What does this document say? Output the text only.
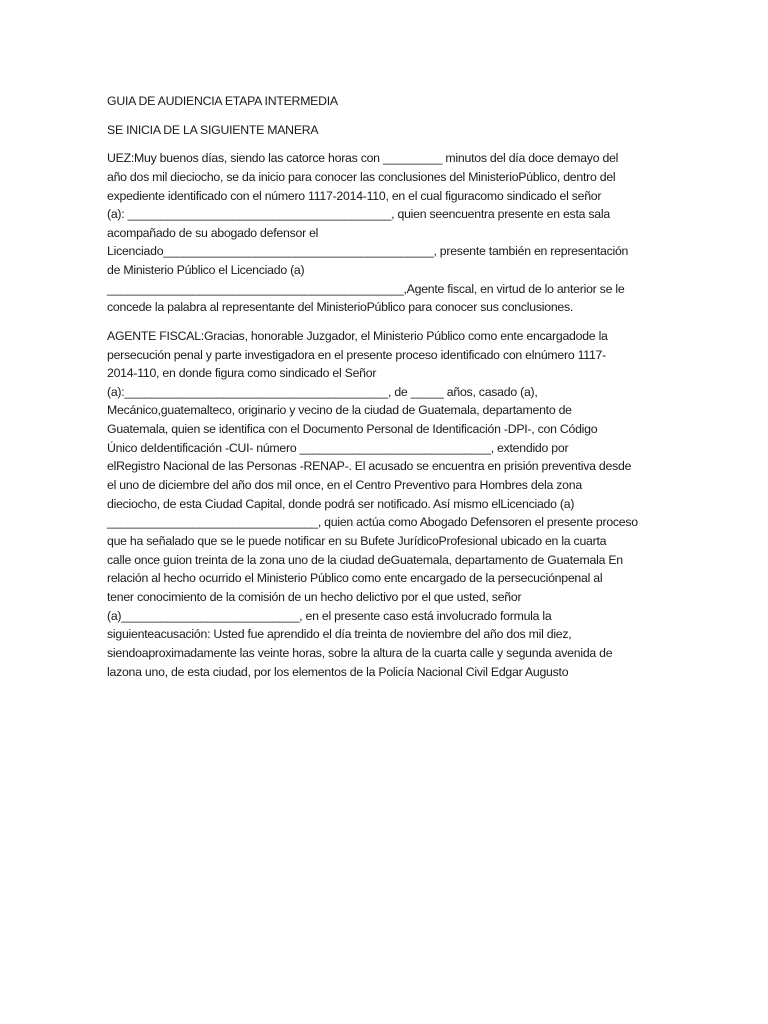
GUIA DE AUDIENCIA ETAPA INTERMEDIA

SE INICIA DE LA SIGUIENTE MANERA

UEZ:Muy buenos días, siendo las catorce horas con _________ minutos del día doce demayo del

año dos mil dieciocho, se da inicio para conocer las conclusiones del MinisterioPúblico, dentro del

expediente identificado con el número 1117-2014-110, en el cual figuracomo sindicado el señor

(a): ________________________________________, quien seencuentra presente en esta sala

acompañado de su abogado defensor el

Licenciado_________________________________________, presente también en representación

de Ministerio Público el Licenciado (a)

_____________________________________________,Agente fiscal, en virtud de lo anterior se le

concede la palabra al representante del MinisterioPúblico para conocer sus conclusiones.

AGENTE FISCAL:Gracias, honorable Juzgador, el Ministerio Público como ente encargadode la

persecución penal y parte investigadora en el presente proceso identificado con elnúmero 1117-

2014-110, en donde figura como sindicado el Señor

(a):________________________________________, de _____ años, casado (a),

Mecánico,guatemalteco, originario y vecino de la ciudad de Guatemala, departamento de

Guatemala, quien se identifica con el Documento Personal de Identificación -DPI-, con Código

Único deIdentificación -CUI- número _____________________________, extendido por

elRegistro Nacional de las Personas -RENAP-. El acusado se encuentra en prisión preventiva desde

el uno de diciembre del año dos mil once, en el Centro Preventivo para Hombres dela zona

dieciocho, de esta Ciudad Capital, donde podrá ser notificado. Así mismo elLicenciado (a)

________________________________, quien actúa como Abogado Defensoren el presente proceso

que ha señalado que se le puede notificar en su Bufete JurídicoProfesional ubicado en la cuarta

calle once guion treinta de la zona uno de la ciudad deGuatemala, departamento de Guatemala En

relación al hecho ocurrido el Ministerio Público como ente encargado de la persecuciónpenal al

tener conocimiento de la comisión de un hecho delictivo por el que usted, señor

(a)___________________________, en el presente caso está involucrado formula la

siguienteacusación: Usted fue aprendido el día treinta de noviembre del año dos mil diez,

siendoaproximadamente las veinte horas, sobre la altura de la cuarta calle y segunda avenida de

lazona uno, de esta ciudad, por los elementos de la Policía Nacional Civil Edgar Augusto
